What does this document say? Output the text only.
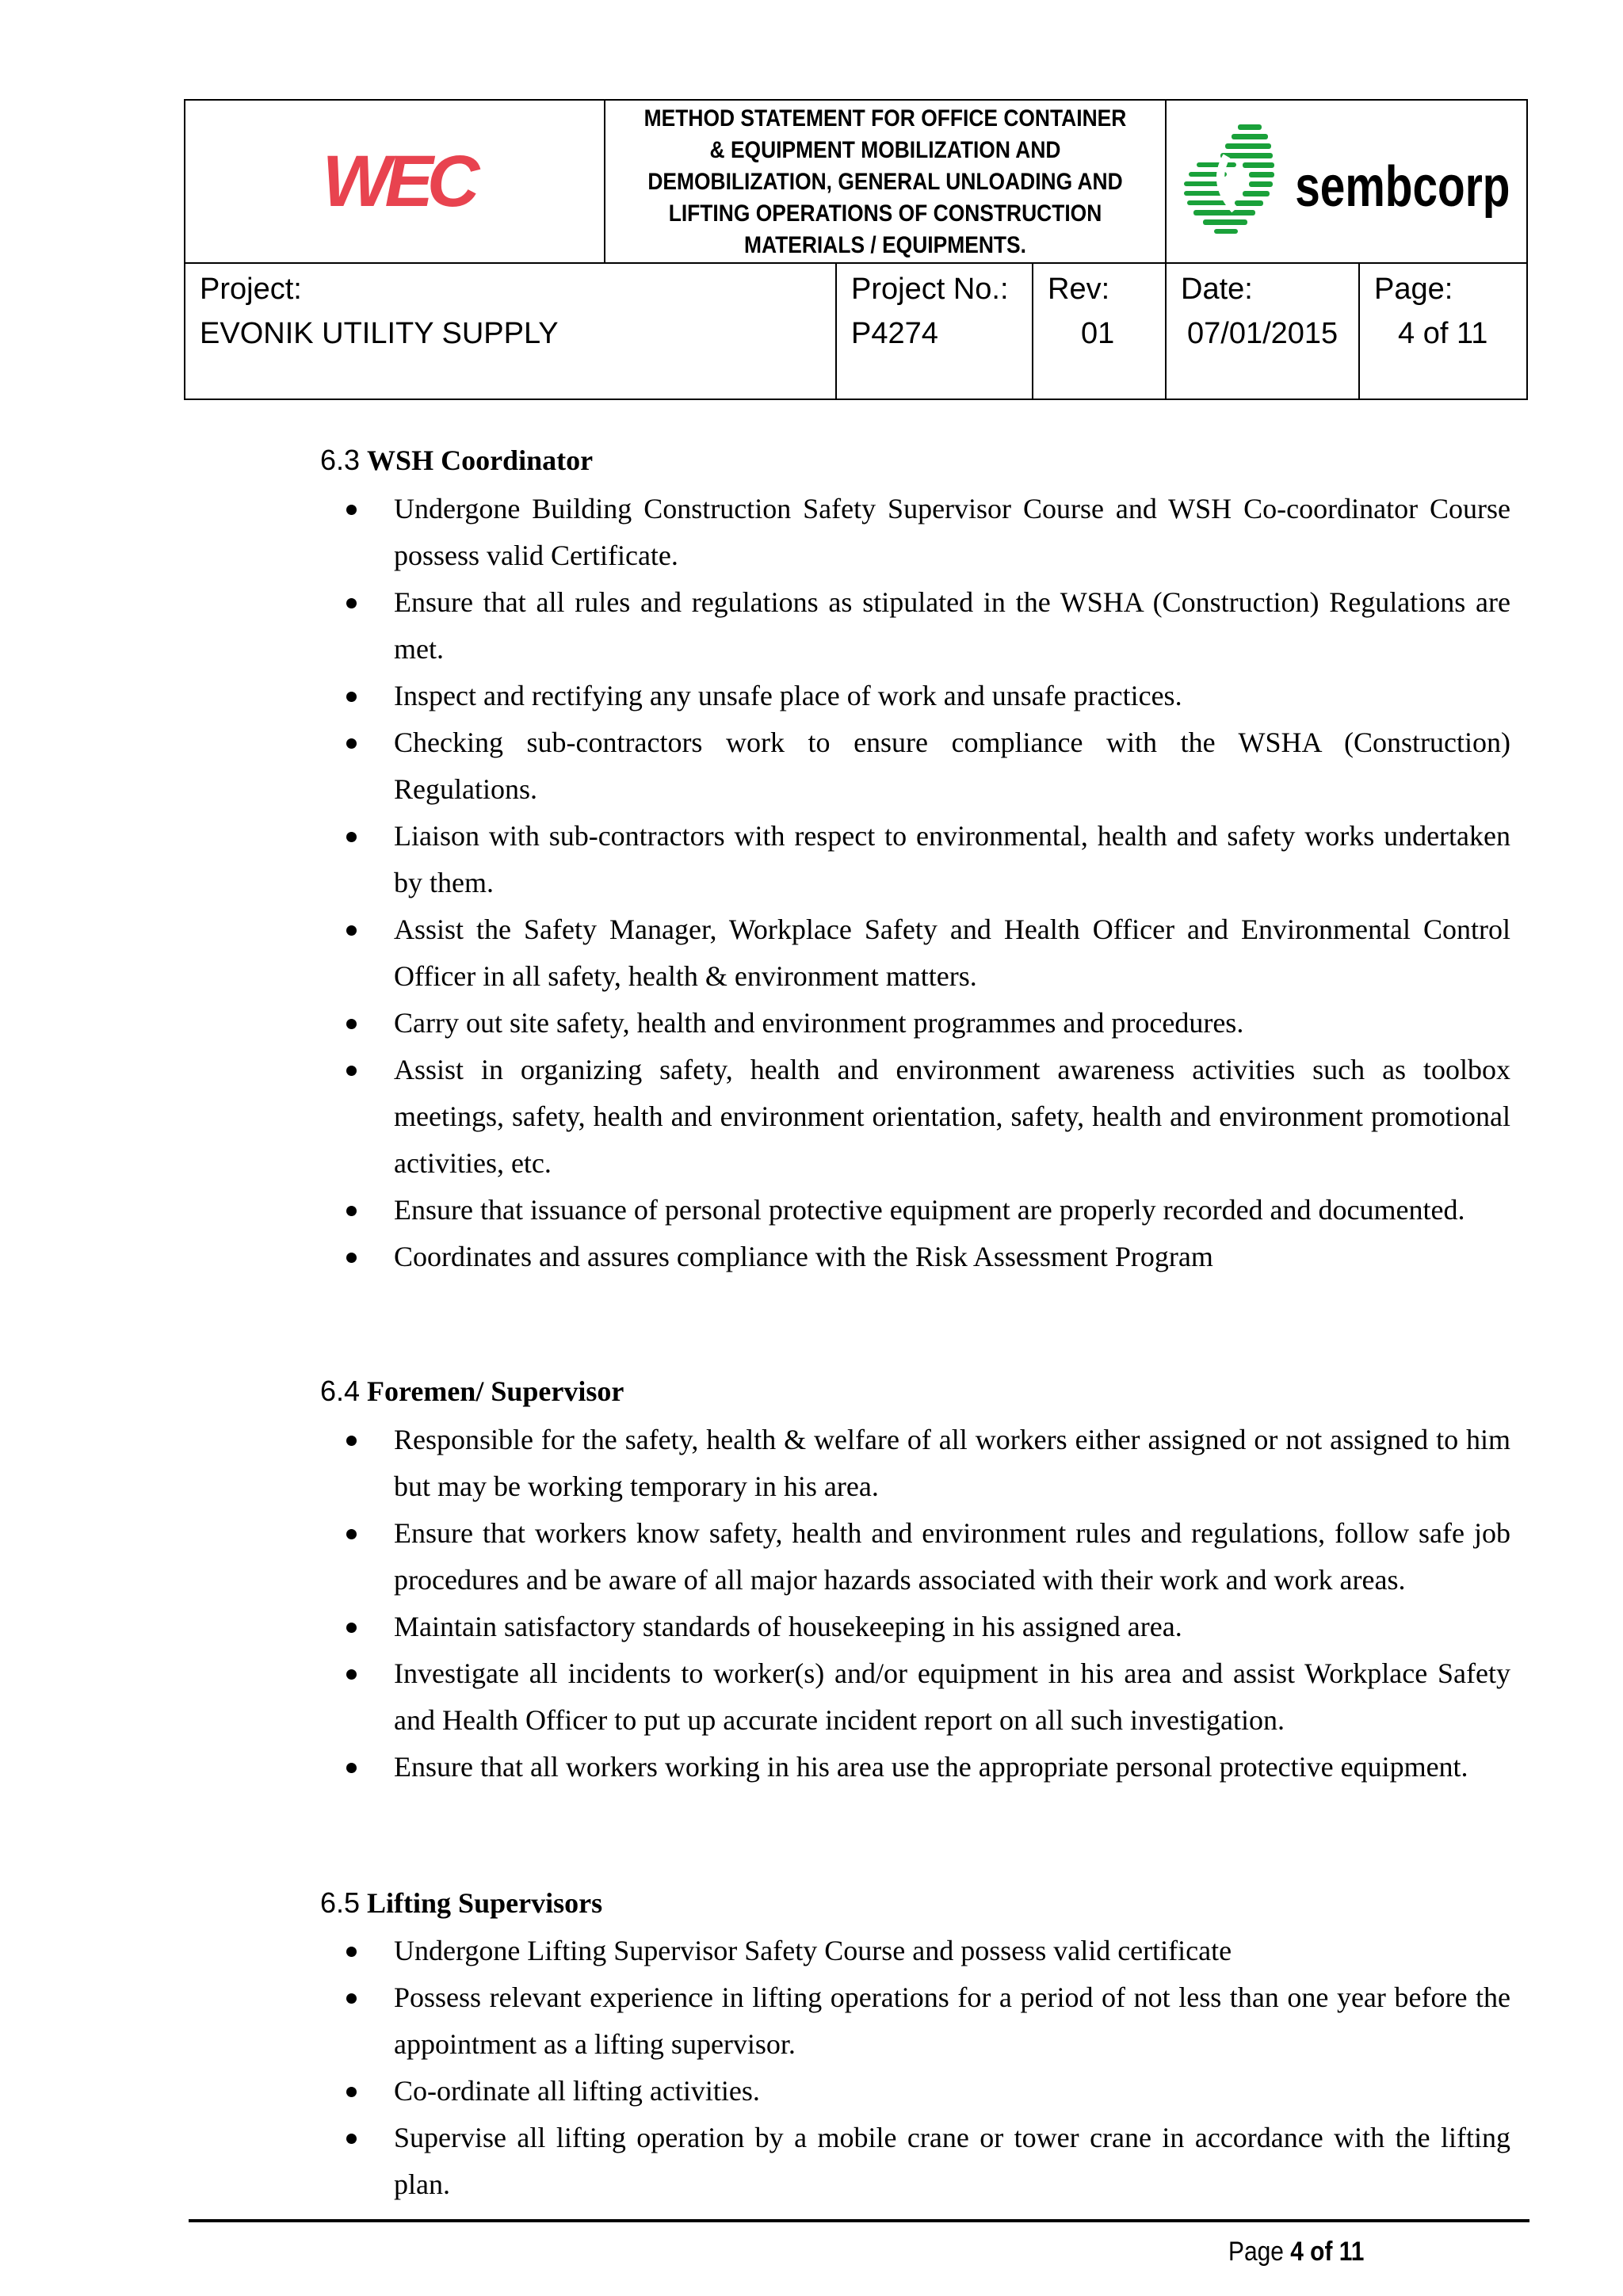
WEC
METHOD STATEMENT FOR OFFICE CONTAINER
& EQUIPMENT MOBILIZATION AND
DEMOBILIZATION, GENERAL UNLOADING AND
LIFTING OPERATIONS OF CONSTRUCTION
MATERIALS / EQUIPMENTS.
sembcorp
Project:
EVONIK UTILITY SUPPLY
Project No.:
P4274
Rev:
01
Date:
07/01/2015
Page:
4 of 11
6.3 WSH Coordinator
Undergone Building Construction Safety Supervisor Course and WSH Co-coordinator Course possess valid Certificate.
Ensure that all rules and regulations as stipulated in the WSHA (Construction) Regulations are met.
Inspect and rectifying any unsafe place of work and unsafe practices.
Checking sub-contractors work to ensure compliance with the WSHA (Construction) Regulations.
Liaison with sub-contractors with respect to environmental, health and safety works undertaken by them.
Assist the Safety Manager, Workplace Safety and Health Officer and Environmental Control Officer in all safety, health & environment matters.
Carry out site safety, health and environment programmes and procedures.
Assist in organizing safety, health and environment awareness activities such as toolbox meetings, safety, health and environment orientation, safety, health and environment promotional activities, etc.
Ensure that issuance of personal protective equipment are properly recorded and documented.
Coordinates and assures compliance with the Risk Assessment Program
6.4 Foremen/ Supervisor
Responsible for the safety, health & welfare of all workers either assigned or not assigned to him but may be working temporary in his area.
Ensure that workers know safety, health and environment rules and regulations, follow safe job procedures and be aware of all major hazards associated with their work and work areas.
Maintain satisfactory standards of housekeeping in his assigned area.
Investigate all incidents to worker(s) and/or equipment in his area and assist Workplace Safety and Health Officer to put up accurate incident report on all such investigation.
Ensure that all workers working in his area use the appropriate personal protective equipment.
6.5 Lifting Supervisors
Undergone Lifting Supervisor Safety Course and possess valid certificate
Possess relevant experience in lifting operations for a period of not less than one year before the appointment as a lifting supervisor.
Co-ordinate all lifting activities.
Supervise all lifting operation by a mobile crane or tower crane in accordance with the lifting plan.
Page 4 of 11
